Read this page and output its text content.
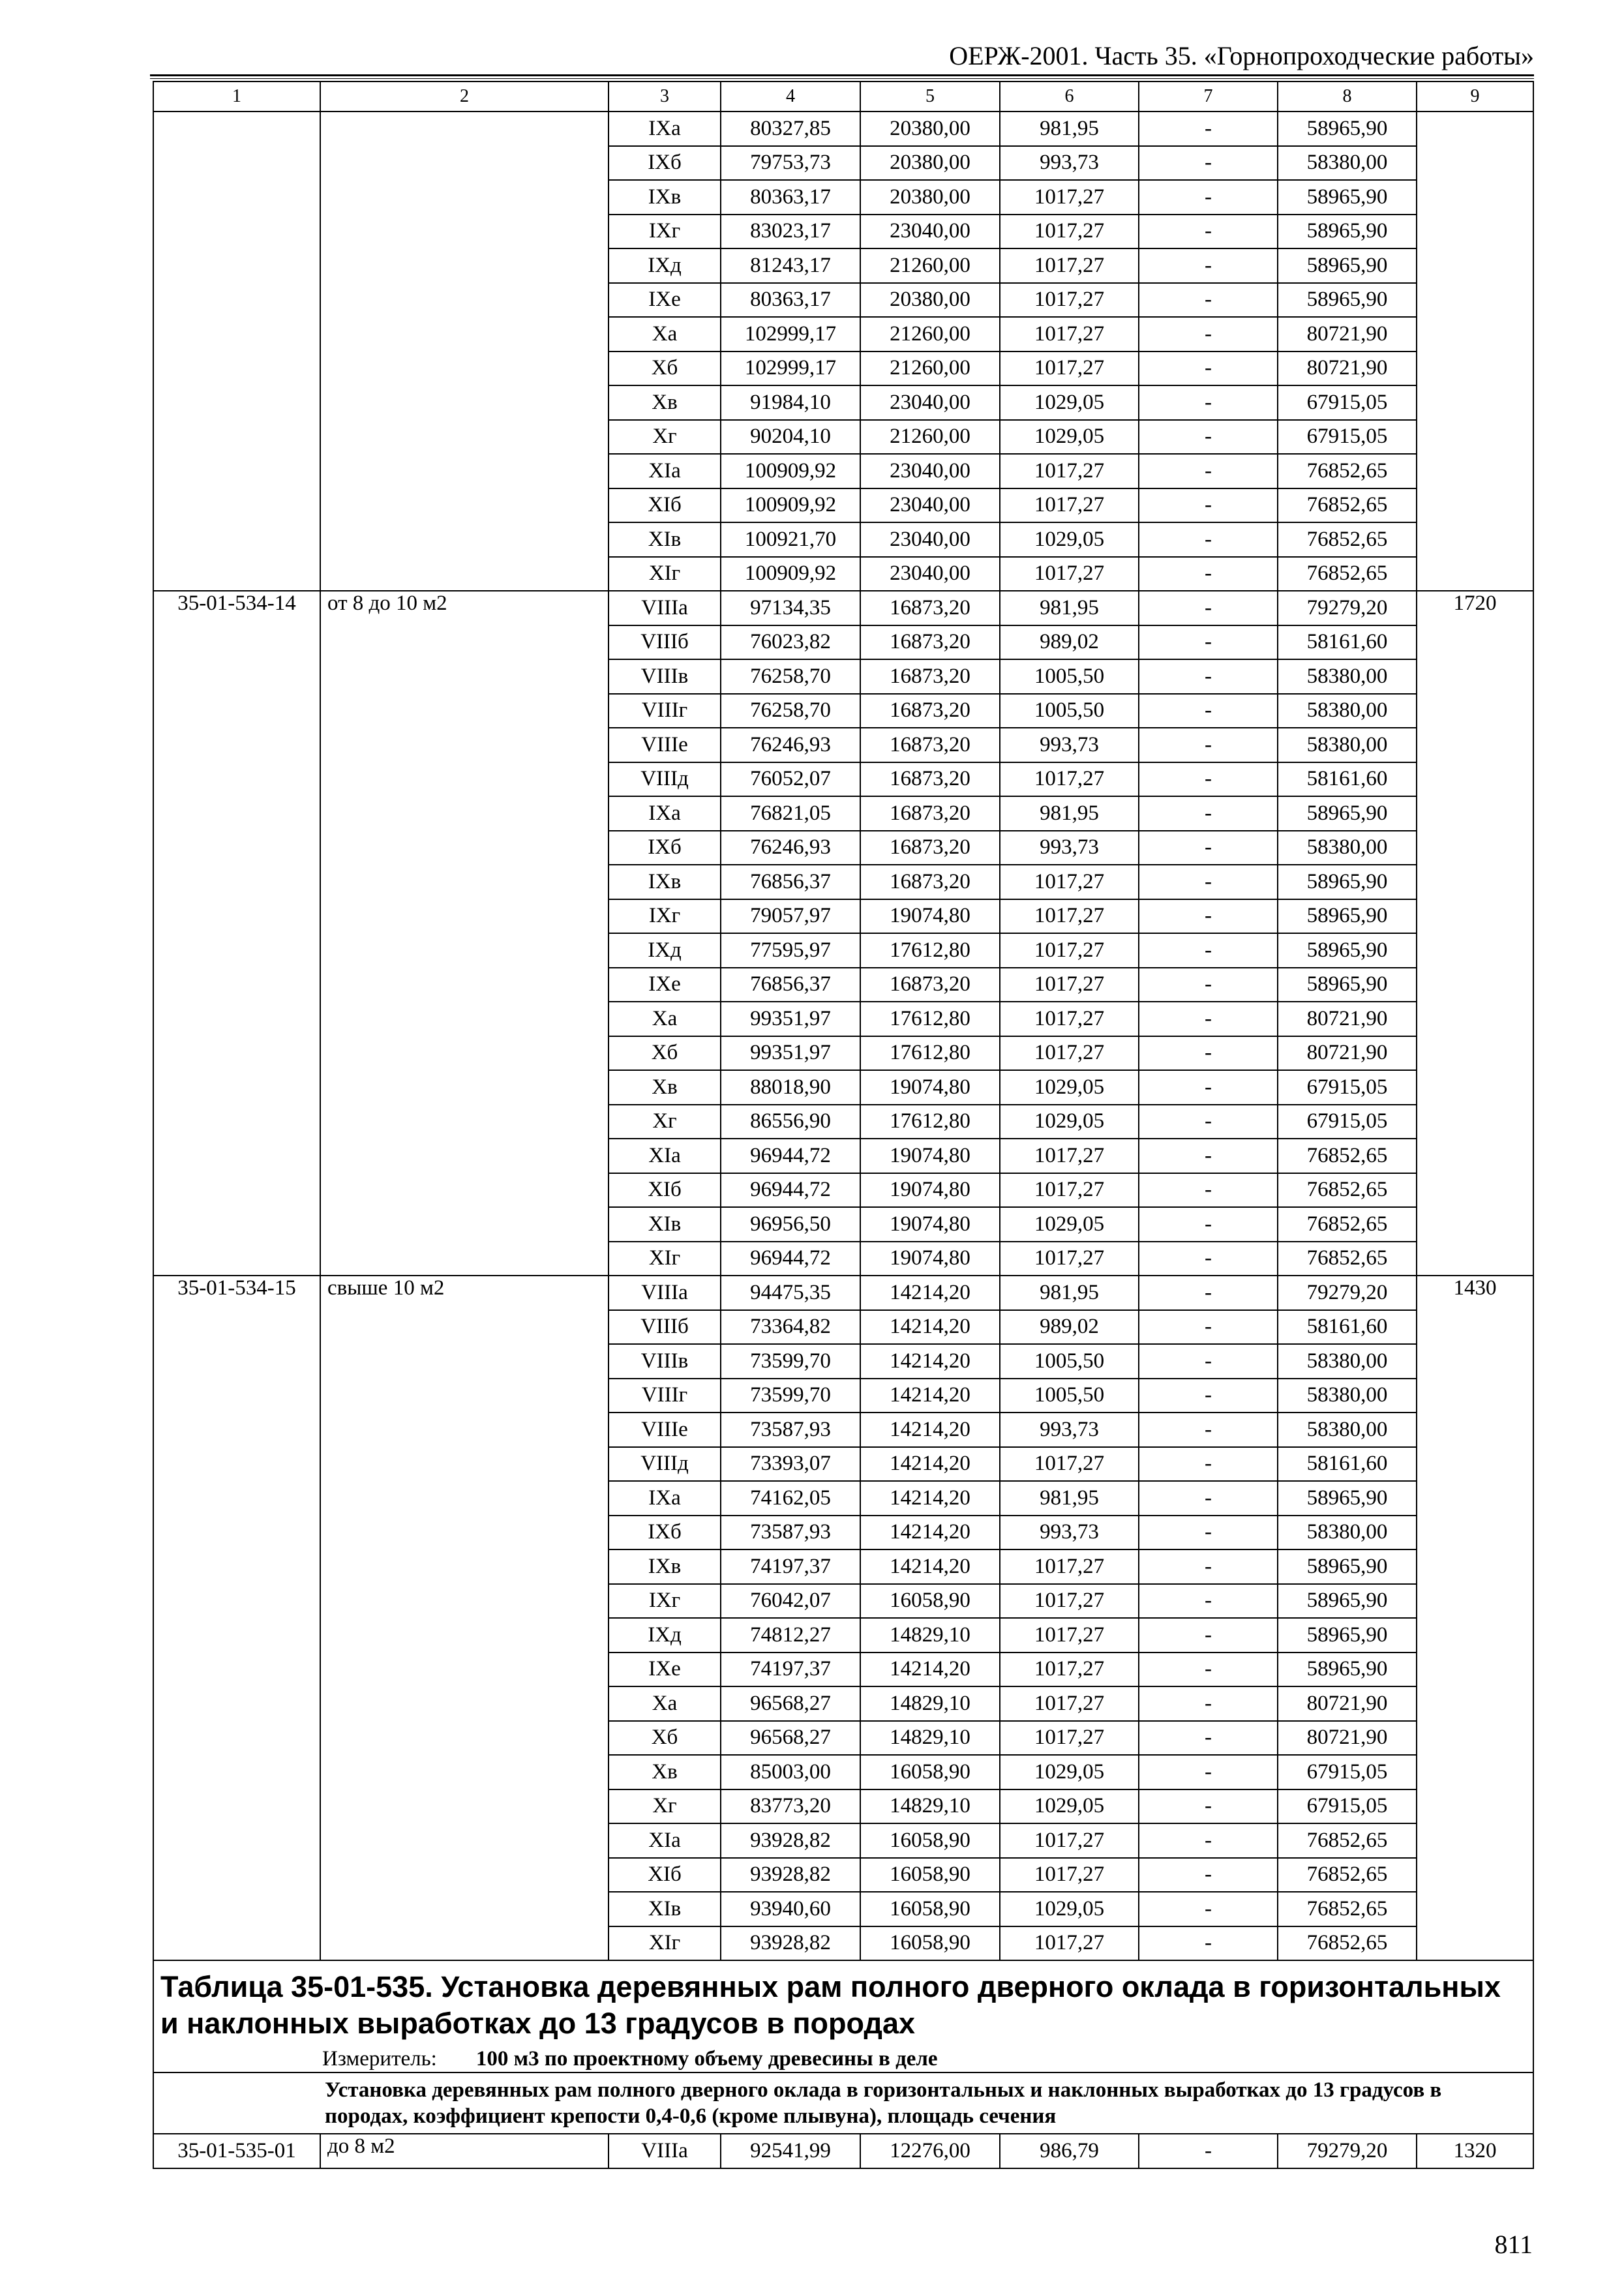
ОЕРЖ-2001. Часть 35. «Горнопроходческие работы»
1	2	3	4	5	6	7	8	9
		IXа	80327,85	20380,00	981,95	-	58965,90	
		IXб	79753,73	20380,00	993,73	-	58380,00	
		IXв	80363,17	20380,00	1017,27	-	58965,90	
		IXг	83023,17	23040,00	1017,27	-	58965,90	
		IXд	81243,17	21260,00	1017,27	-	58965,90	
		IXе	80363,17	20380,00	1017,27	-	58965,90	
		Xа	102999,17	21260,00	1017,27	-	80721,90	
		Xб	102999,17	21260,00	1017,27	-	80721,90	
		Xв	91984,10	23040,00	1029,05	-	67915,05	
		Xг	90204,10	21260,00	1029,05	-	67915,05	
		XIа	100909,92	23040,00	1017,27	-	76852,65	
		XIб	100909,92	23040,00	1017,27	-	76852,65	
		XIв	100921,70	23040,00	1029,05	-	76852,65	
		XIг	100909,92	23040,00	1017,27	-	76852,65	
35-01-534-14	от 8 до 10 м2	VIIIа	97134,35	16873,20	981,95	-	79279,20	1720
		VIIIб	76023,82	16873,20	989,02	-	58161,60	
		VIIIв	76258,70	16873,20	1005,50	-	58380,00	
		VIIIг	76258,70	16873,20	1005,50	-	58380,00	
		VIIIе	76246,93	16873,20	993,73	-	58380,00	
		VIIIд	76052,07	16873,20	1017,27	-	58161,60	
		IXа	76821,05	16873,20	981,95	-	58965,90	
		IXб	76246,93	16873,20	993,73	-	58380,00	
		IXв	76856,37	16873,20	1017,27	-	58965,90	
		IXг	79057,97	19074,80	1017,27	-	58965,90	
		IXд	77595,97	17612,80	1017,27	-	58965,90	
		IXе	76856,37	16873,20	1017,27	-	58965,90	
		Xа	99351,97	17612,80	1017,27	-	80721,90	
		Xб	99351,97	17612,80	1017,27	-	80721,90	
		Xв	88018,90	19074,80	1029,05	-	67915,05	
		Xг	86556,90	17612,80	1029,05	-	67915,05	
		XIа	96944,72	19074,80	1017,27	-	76852,65	
		XIб	96944,72	19074,80	1017,27	-	76852,65	
		XIв	96956,50	19074,80	1029,05	-	76852,65	
		XIг	96944,72	19074,80	1017,27	-	76852,65	
35-01-534-15	свыше 10 м2	VIIIа	94475,35	14214,20	981,95	-	79279,20	1430
		VIIIб	73364,82	14214,20	989,02	-	58161,60	
		VIIIв	73599,70	14214,20	1005,50	-	58380,00	
		VIIIг	73599,70	14214,20	1005,50	-	58380,00	
		VIIIе	73587,93	14214,20	993,73	-	58380,00	
		VIIIд	73393,07	14214,20	1017,27	-	58161,60	
		IXа	74162,05	14214,20	981,95	-	58965,90	
		IXб	73587,93	14214,20	993,73	-	58380,00	
		IXв	74197,37	14214,20	1017,27	-	58965,90	
		IXг	76042,07	16058,90	1017,27	-	58965,90	
		IXд	74812,27	14829,10	1017,27	-	58965,90	
		IXе	74197,37	14214,20	1017,27	-	58965,90	
		Xа	96568,27	14829,10	1017,27	-	80721,90	
		Xб	96568,27	14829,10	1017,27	-	80721,90	
		Xв	85003,00	16058,90	1029,05	-	67915,05	
		Xг	83773,20	14829,10	1029,05	-	67915,05	
		XIа	93928,82	16058,90	1017,27	-	76852,65	
		XIб	93928,82	16058,90	1017,27	-	76852,65	
		XIв	93940,60	16058,90	1029,05	-	76852,65	
		XIг	93928,82	16058,90	1017,27	-	76852,65	
Таблица 35-01-535. Установка деревянных рам полного дверного оклада в горизонтальных и наклонных выработках до 13 градусов в породах								
Измеритель: 100 м3 по проектному объему древесины в деле								
Установка деревянных рам полного дверного оклада в горизонтальных и наклонных выработках до 13 градусов в породах, коэффициент крепости 0,4-0,6 (кроме плывуна), площадь сечения								
35-01-535-01	до 8 м2	VIIIа	92541,99	12276,00	986,79	-	79279,20	1320
811
